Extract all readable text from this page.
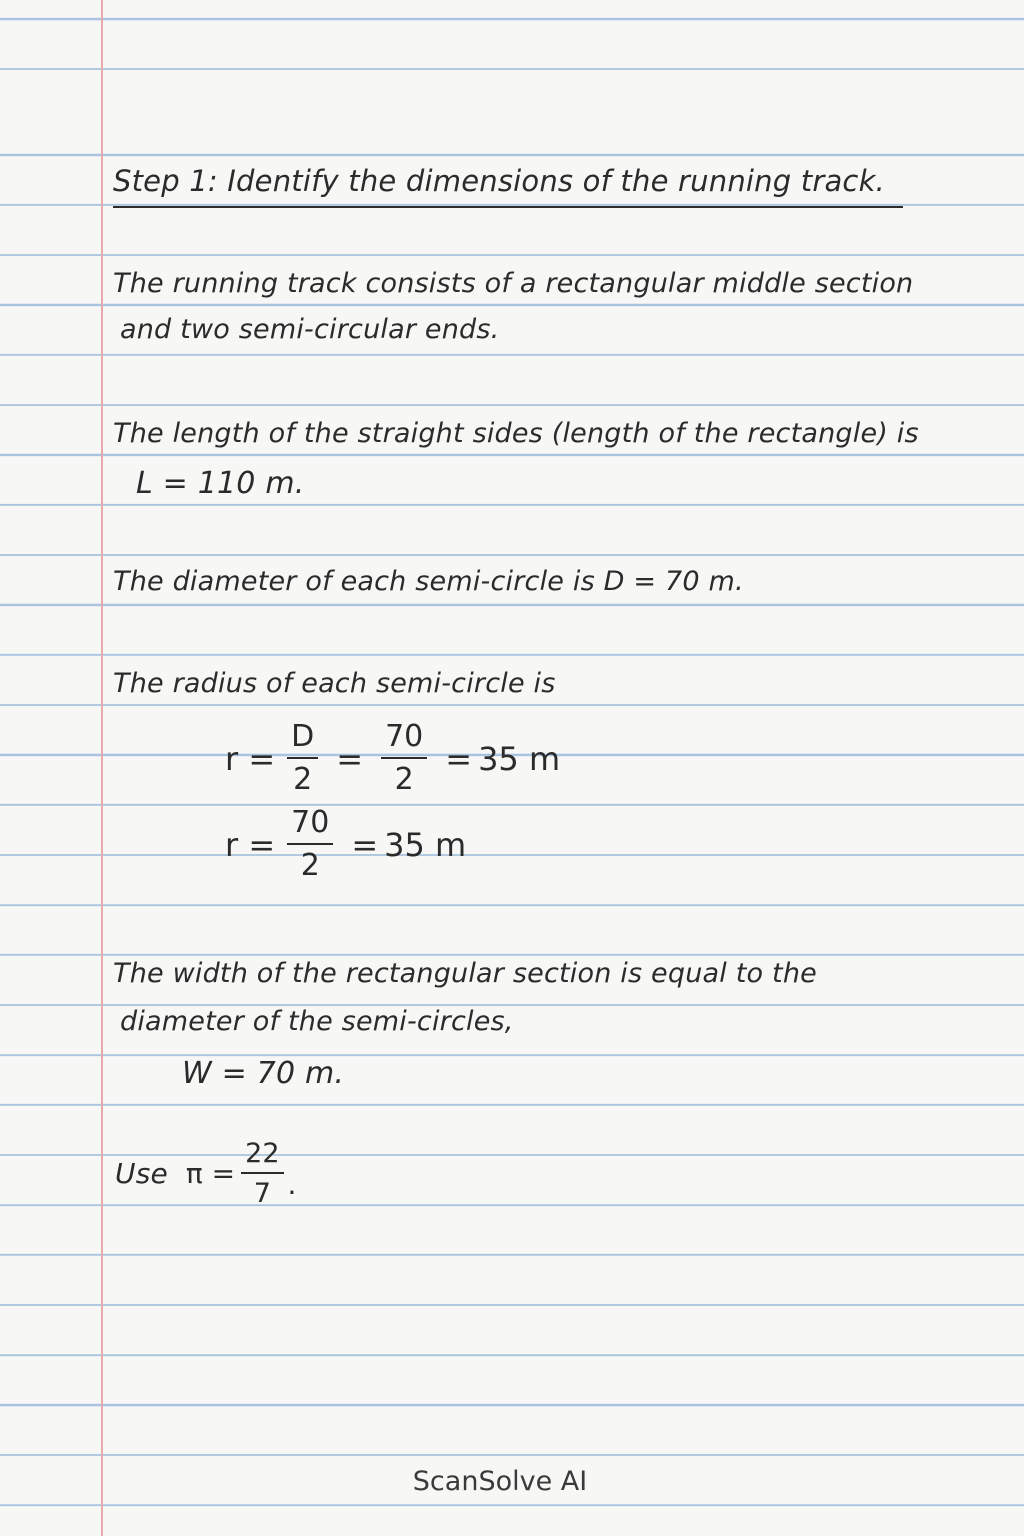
Step 1: Identify the dimensions of the running track.
The running track consists of a rectangular middle section
and two semi-circular ends.
The length of the straight sides (length of the rectangle) is
L = 110 m.
The diameter of each semi-circle is D = 70 m.
The radius of each semi-circle is
$r = \frac{D}{2} = \frac{70}{2} = 35$ m
$r = \frac{70}{2} = 35$ m
The width of the rectangular section is equal to the
diameter of the semi-circles,
W = 70 m.
Use $\pi = \frac{22}{7}$ .
ScanSolve AI
